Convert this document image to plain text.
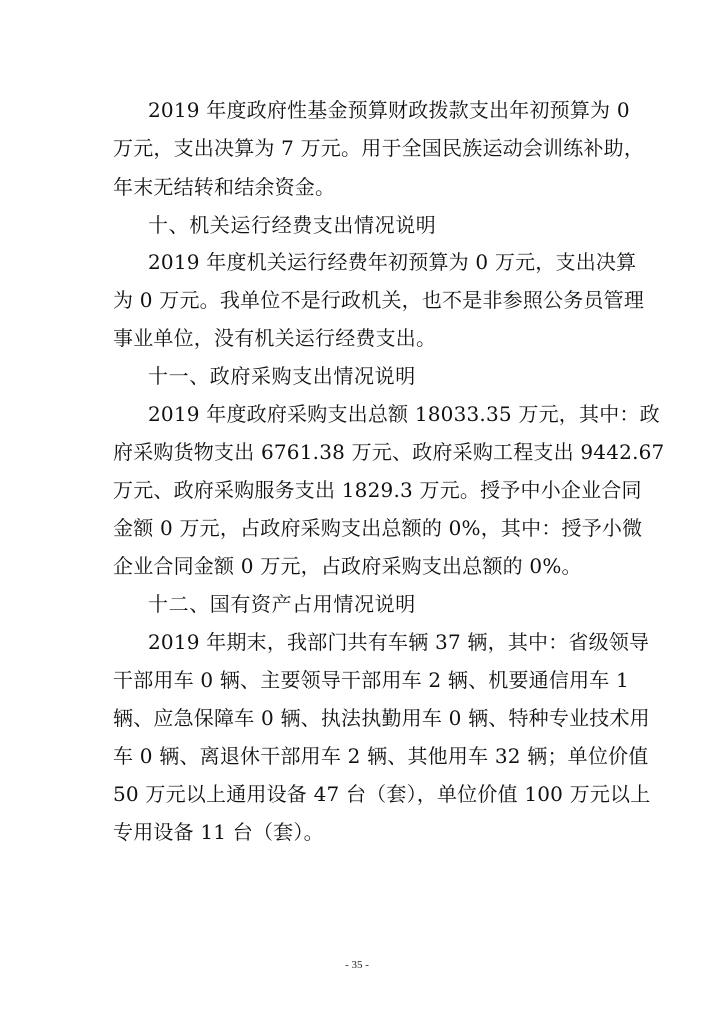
2019 年度政府性基金预算财政拨款支出年初预算为 0
万元，支出决算为 7 万元。用于全国民族运动会训练补助，
年末无结转和结余资金。
十、机关运行经费支出情况说明
2019 年度机关运行经费年初预算为 0 万元，支出决算
为 0 万元。我单位不是行政机关，也不是非参照公务员管理
事业单位，没有机关运行经费支出。
十一、政府采购支出情况说明
2019 年度政府采购支出总额 18033.35 万元，其中：政
府采购货物支出 6761.38 万元、政府采购工程支出 9442.67
万元、政府采购服务支出 1829.3 万元。授予中小企业合同
金额 0 万元，占政府采购支出总额的 0%，其中：授予小微
企业合同金额 0 万元，占政府采购支出总额的 0%。
十二、国有资产占用情况说明
2019 年期末，我部门共有车辆 37 辆，其中：省级领导
干部用车 0 辆、主要领导干部用车 2 辆、机要通信用车 1
辆、应急保障车 0 辆、执法执勤用车 0 辆、特种专业技术用
车 0 辆、离退休干部用车 2 辆、其他用车 32 辆；单位价值
50 万元以上通用设备 47 台（套），单位价值 100 万元以上
专用设备 11 台（套）。
- 35 -
